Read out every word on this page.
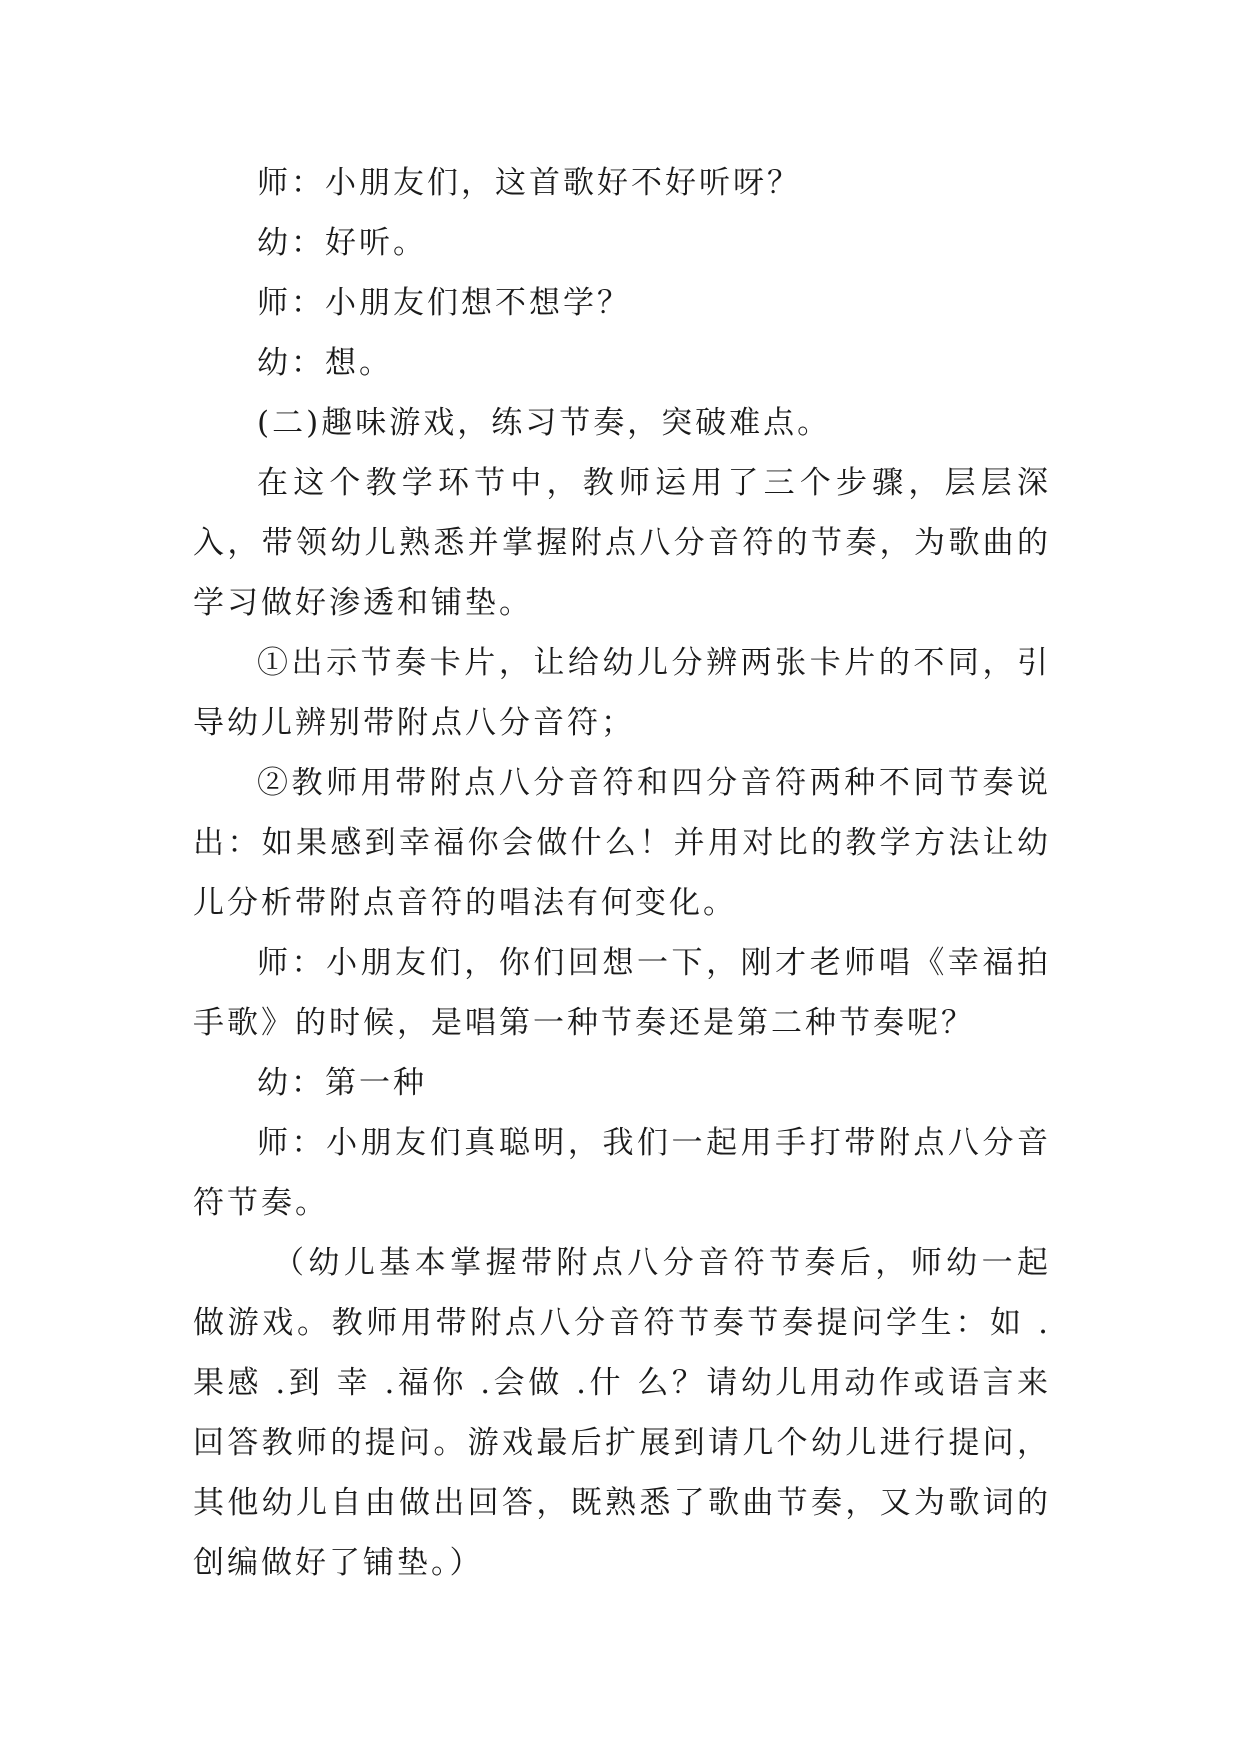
师：小朋友们，这首歌好不好听呀？

幼：好听。

师：小朋友们想不想学？

幼：想。

(二)趣味游戏，练习节奏，突破难点。

在这个教学环节中，教师运用了三个步骤，层层深入，带领幼儿熟悉并掌握附点八分音符的节奏，为歌曲的学习做好渗透和铺垫。

①出示节奏卡片，让给幼儿分辨两张卡片的不同，引导幼儿辨别带附点八分音符；

②教师用带附点八分音符和四分音符两种不同节奏说出：如果感到幸福你会做什么！并用对比的教学方法让幼儿分析带附点音符的唱法有何变化。

师：小朋友们，你们回想一下，刚才老师唱《幸福拍手歌》的时候，是唱第一种节奏还是第二种节奏呢？

幼：第一种

师：小朋友们真聪明，我们一起用手打带附点八分音符节奏。

（幼儿基本掌握带附点八分音符节奏后，师幼一起做游戏。教师用带附点八分音符节奏节奏提问学生：如 .果感 .到 幸 .福你 .会做 .什 么？请幼儿用动作或语言来回答教师的提问。游戏最后扩展到请几个幼儿进行提问，其他幼儿自由做出回答，既熟悉了歌曲节奏，又为歌词的创编做好了铺垫。）
